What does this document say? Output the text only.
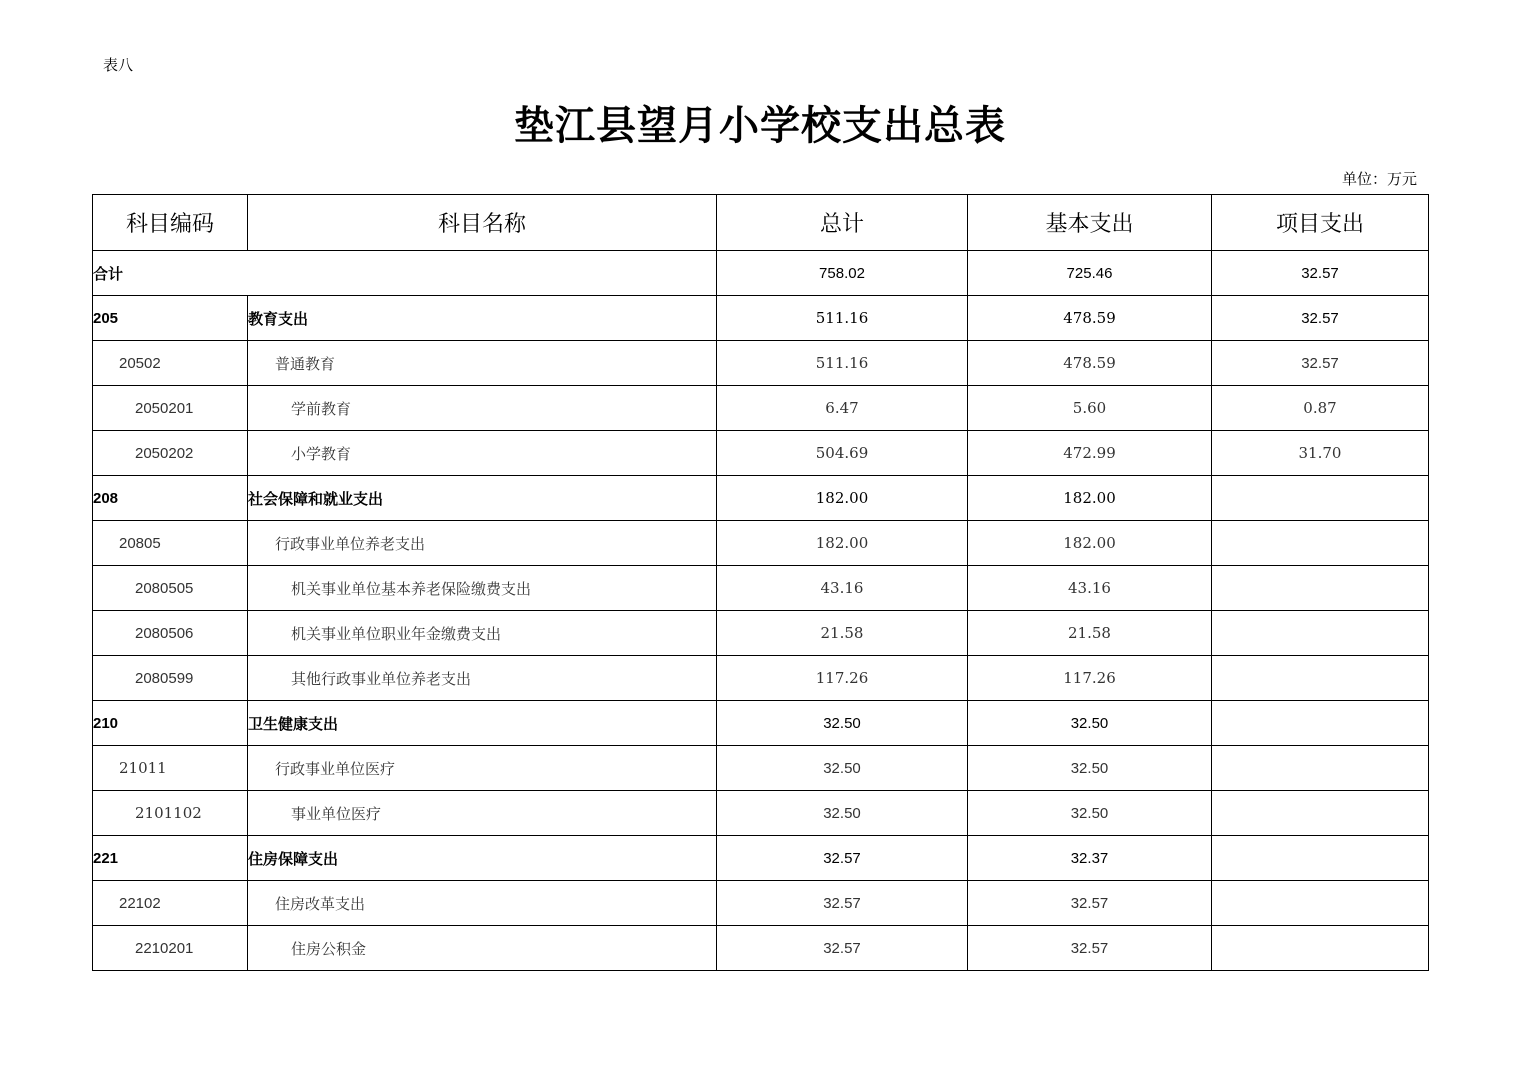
表八
垫江县望月小学校支出总表
单位：万元
科目编码	科目名称	总计	基本支出	项目支出
合计		758.02	725.46	32.57
205	教育支出	511.16	478.59	32.57
20502	普通教育	511.16	478.59	32.57
2050201	学前教育	6.47	5.60	0.87
2050202	小学教育	504.69	472.99	31.70
208	社会保障和就业支出	182.00	182.00	
20805	行政事业单位养老支出	182.00	182.00	
2080505	机关事业单位基本养老保险缴费支出	43.16	43.16	
2080506	机关事业单位职业年金缴费支出	21.58	21.58	
2080599	其他行政事业单位养老支出	117.26	117.26	
210	卫生健康支出	32.50	32.50	
21011	行政事业单位医疗	32.50	32.50	
2101102	事业单位医疗	32.50	32.50	
221	住房保障支出	32.57	32.37	
22102	住房改革支出	32.57	32.57	
2210201	住房公积金	32.57	32.57	
